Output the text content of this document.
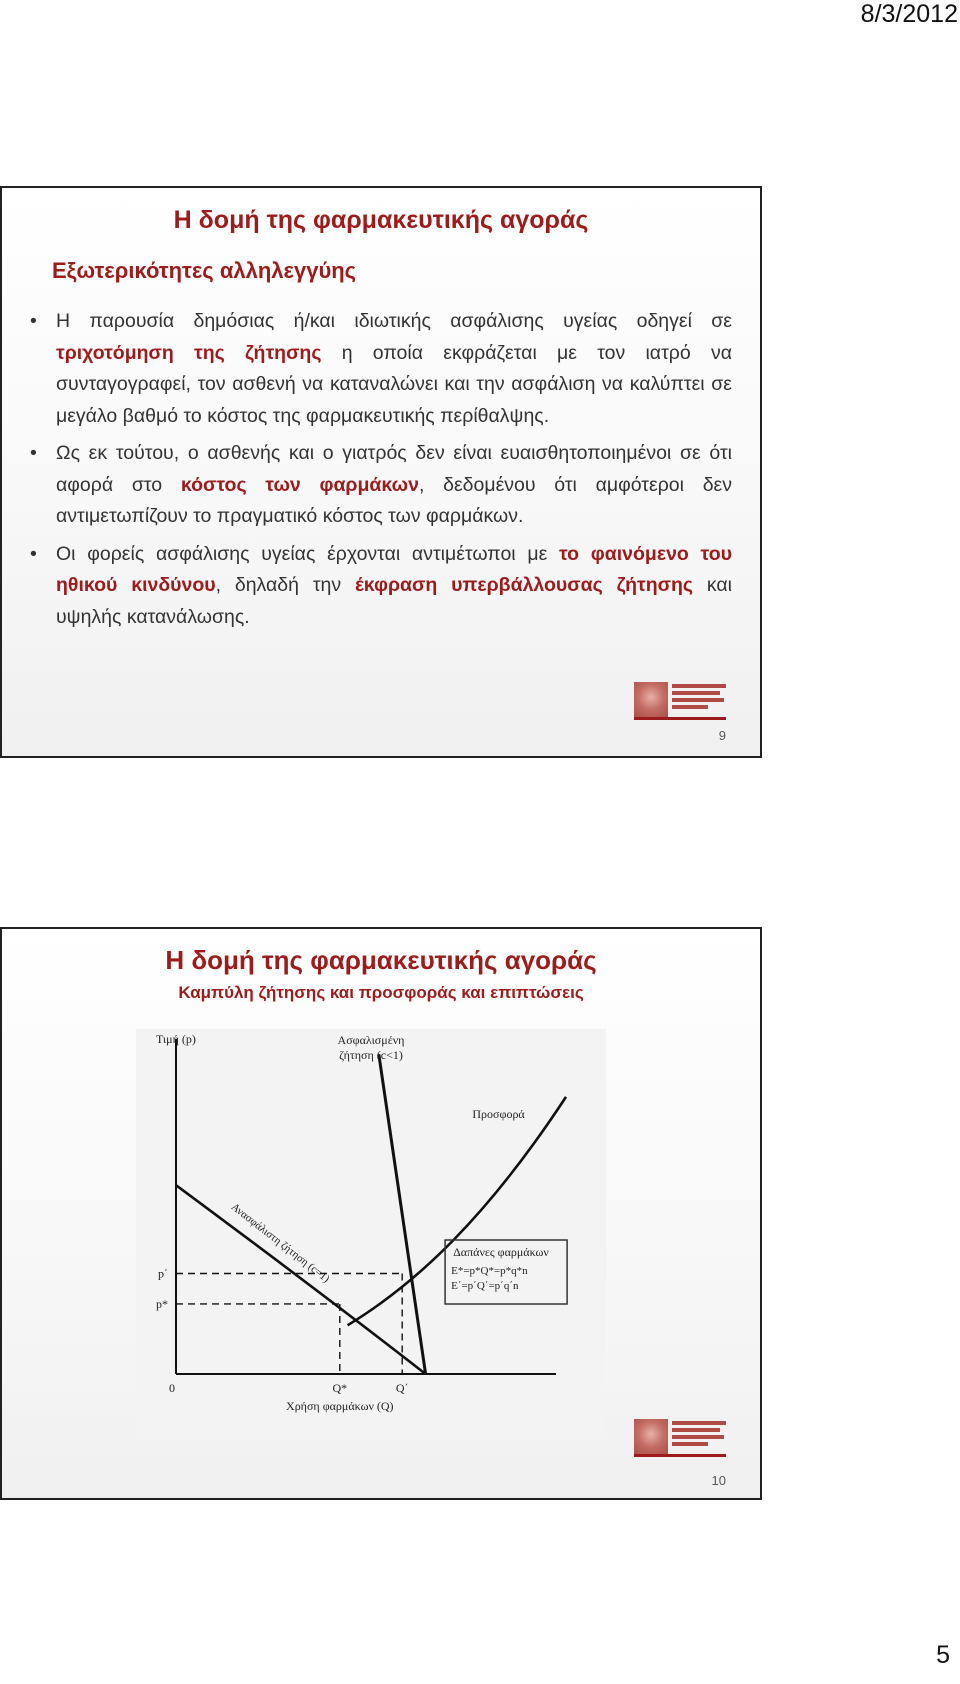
8/3/2012
Η δομή της φαρμακευτικής αγοράς
Εξωτερικότητες αλληλεγγύης
• Η παρουσία δημόσιας ή/και ιδιωτικής ασφάλισης υγείας οδηγεί σε τριχοτόμηση της ζήτησης η οποία εκφράζεται με τον ιατρό να συνταγογραφεί, τον ασθενή να καταναλώνει και την ασφάλιση να καλύπτει σε μεγάλο βαθμό το κόστος της φαρμακευτικής περίθαλψης.
• Ως εκ τούτου, ο ασθενής και ο γιατρός δεν είναι ευαισθητοποιημένοι σε ότι αφορά στο κόστος των φαρμάκων, δεδομένου ότι αμφότεροι δεν αντιμετωπίζουν το πραγματικό κόστος των φαρμάκων.
• Οι φορείς ασφάλισης υγείας έρχονται αντιμέτωποι με το φαινόμενο του ηθικού κινδύνου, δηλαδή την έκφραση υπερβάλλουσας ζήτησης και υψηλής κατανάλωσης.
9
Η δομή της φαρμακευτικής αγοράς
Καμπύλη ζήτησης και προσφοράς και επιπτώσεις
Τιμή (p)
Χρήση φαρμάκων (Q)
0
Προσφορά
Ασφαλισμένη
ζήτηση (c<1)
Ανασφάλιστη ζήτηση (c=1)
p*
Q*
p΄
Q΄
Δαπάνες φαρμάκων
E*=p*Q*=p*q*n
E΄=p΄Q΄=p΄q΄n
10
5
